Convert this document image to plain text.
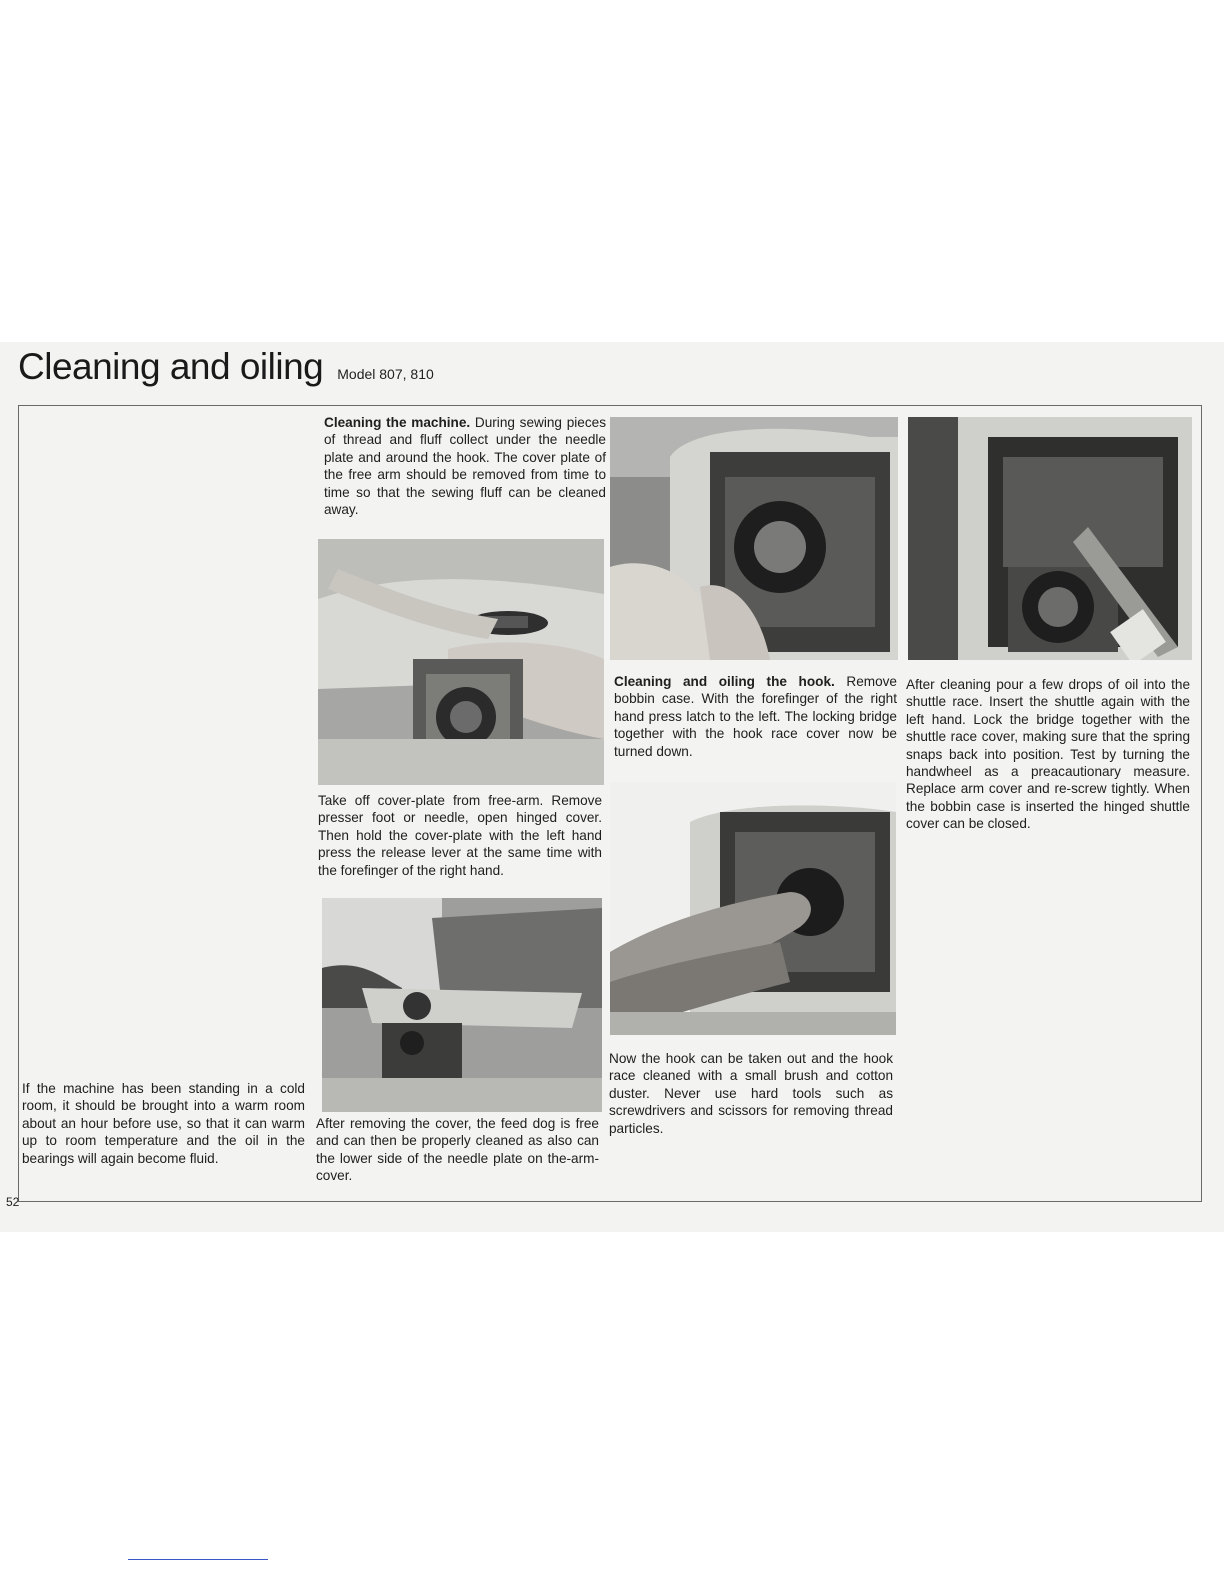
Cleaning and oiling Model 807, 810
Cleaning the machine. During sewing pieces of thread and fluff collect under the needle plate and around the hook. The cover plate of the free arm should be removed from time to time so that the sewing fluff can be cleaned away.
Take off cover-plate from free-arm. Remove presser foot or needle, open hinged cover. Then hold the cover-plate with the left hand press the release lever at the same time with the forefinger of the right hand.
After removing the cover, the feed dog is free and can then be properly cleaned as also can the lower side of the needle plate on the-arm-cover.
If the machine has been standing in a cold room, it should be brought into a warm room about an hour before use, so that it can warm up to room temperature and the oil in the bearings will again become fluid.
Cleaning and oiling the hook. Remove bobbin case. With the forefinger of the right hand press latch to the left. The locking bridge together with the hook race cover now be turned down.
Now the hook can be taken out and the hook race cleaned with a small brush and cotton duster. Never use hard tools such as screwdrivers and scissors for removing thread particles.
After cleaning pour a few drops of oil into the shuttle race. Insert the shuttle again with the left hand. Lock the bridge together with the shuttle race cover, making sure that the spring snaps back into position. Test by turning the handwheel as a preacautionary measure. Replace arm cover and re-screw tightly. When the bobbin case is inserted the hinged shuttle cover can be closed.
52
